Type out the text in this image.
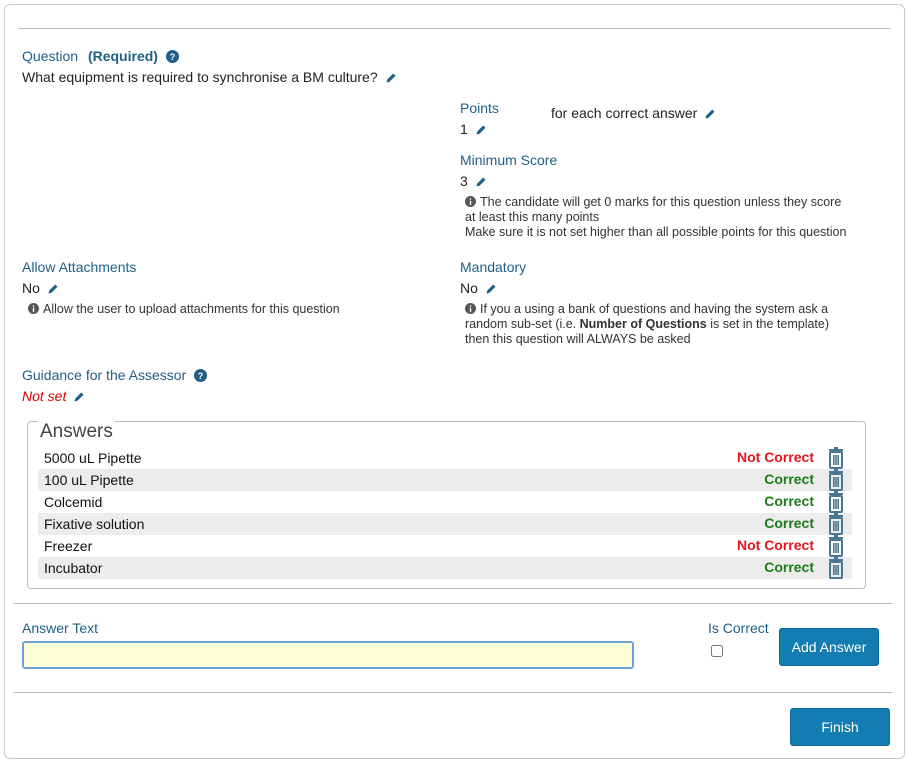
Question (Required) ?
What equipment is required to synchronise a BM culture?
Points	for each correct answer
1
Minimum Score
3
The candidate will get 0 marks for this question unless they score
at least this many points
Make sure it is not set higher than all possible points for this question
Allow Attachments
No
Allow the user to upload attachments for this question
Mandatory
No
If you a using a bank of questions and having the system ask a
random sub-set (i.e. Number of Questions is set in the template)
then this question will ALWAYS be asked
Guidance for the Assessor ?
Not set
Answers
5000 uL Pipette	Not Correct
100 uL Pipette	Correct
Colcemid	Correct
Fixative solution	Correct
Freezer	Not Correct
Incubator	Correct
Answer Text	Is Correct
Add Answer
Finish
